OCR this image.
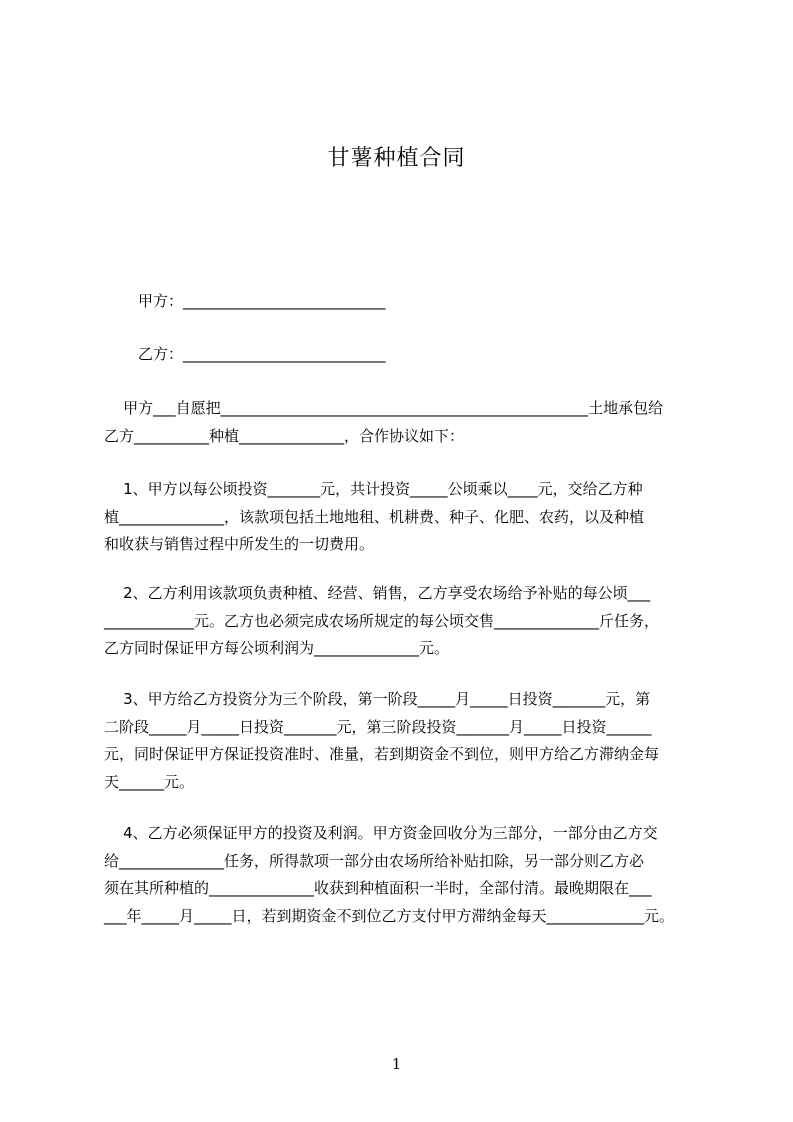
甘薯种植合同
甲方：___________________________
乙方：___________________________
甲方___自愿把_________________________________________________土地承包给
乙方__________种植______________，合作协议如下：
1、甲方以每公顷投资_______元，共计投资_____公顷乘以____元，交给乙方种
植______________，该款项包括土地地租、机耕费、种子、化肥、农药，以及种植
和收获与销售过程中所发生的一切费用。
2、乙方利用该款项负责种植、经营、销售，乙方享受农场给予补贴的每公顷___
____________元。乙方也必须完成农场所规定的每公顷交售______________斤任务，
乙方同时保证甲方每公顷利润为______________元。
3、甲方给乙方投资分为三个阶段，第一阶段_____月_____日投资_______元，第
二阶段_____月_____日投资_______元，第三阶段投资_______月_____日投资______
元，同时保证甲方保证投资准时、准量，若到期资金不到位，则甲方给乙方滞纳金每
天______元。
4、乙方必须保证甲方的投资及利润。甲方资金回收分为三部分，一部分由乙方交
给______________任务，所得款项一部分由农场所给补贴扣除，另一部分则乙方必
须在其所种植的______________收获到种植面积一半时，全部付清。最晚期限在___
___年_____月_____日，若到期资金不到位乙方支付甲方滞纳金每天_____________元。
1
